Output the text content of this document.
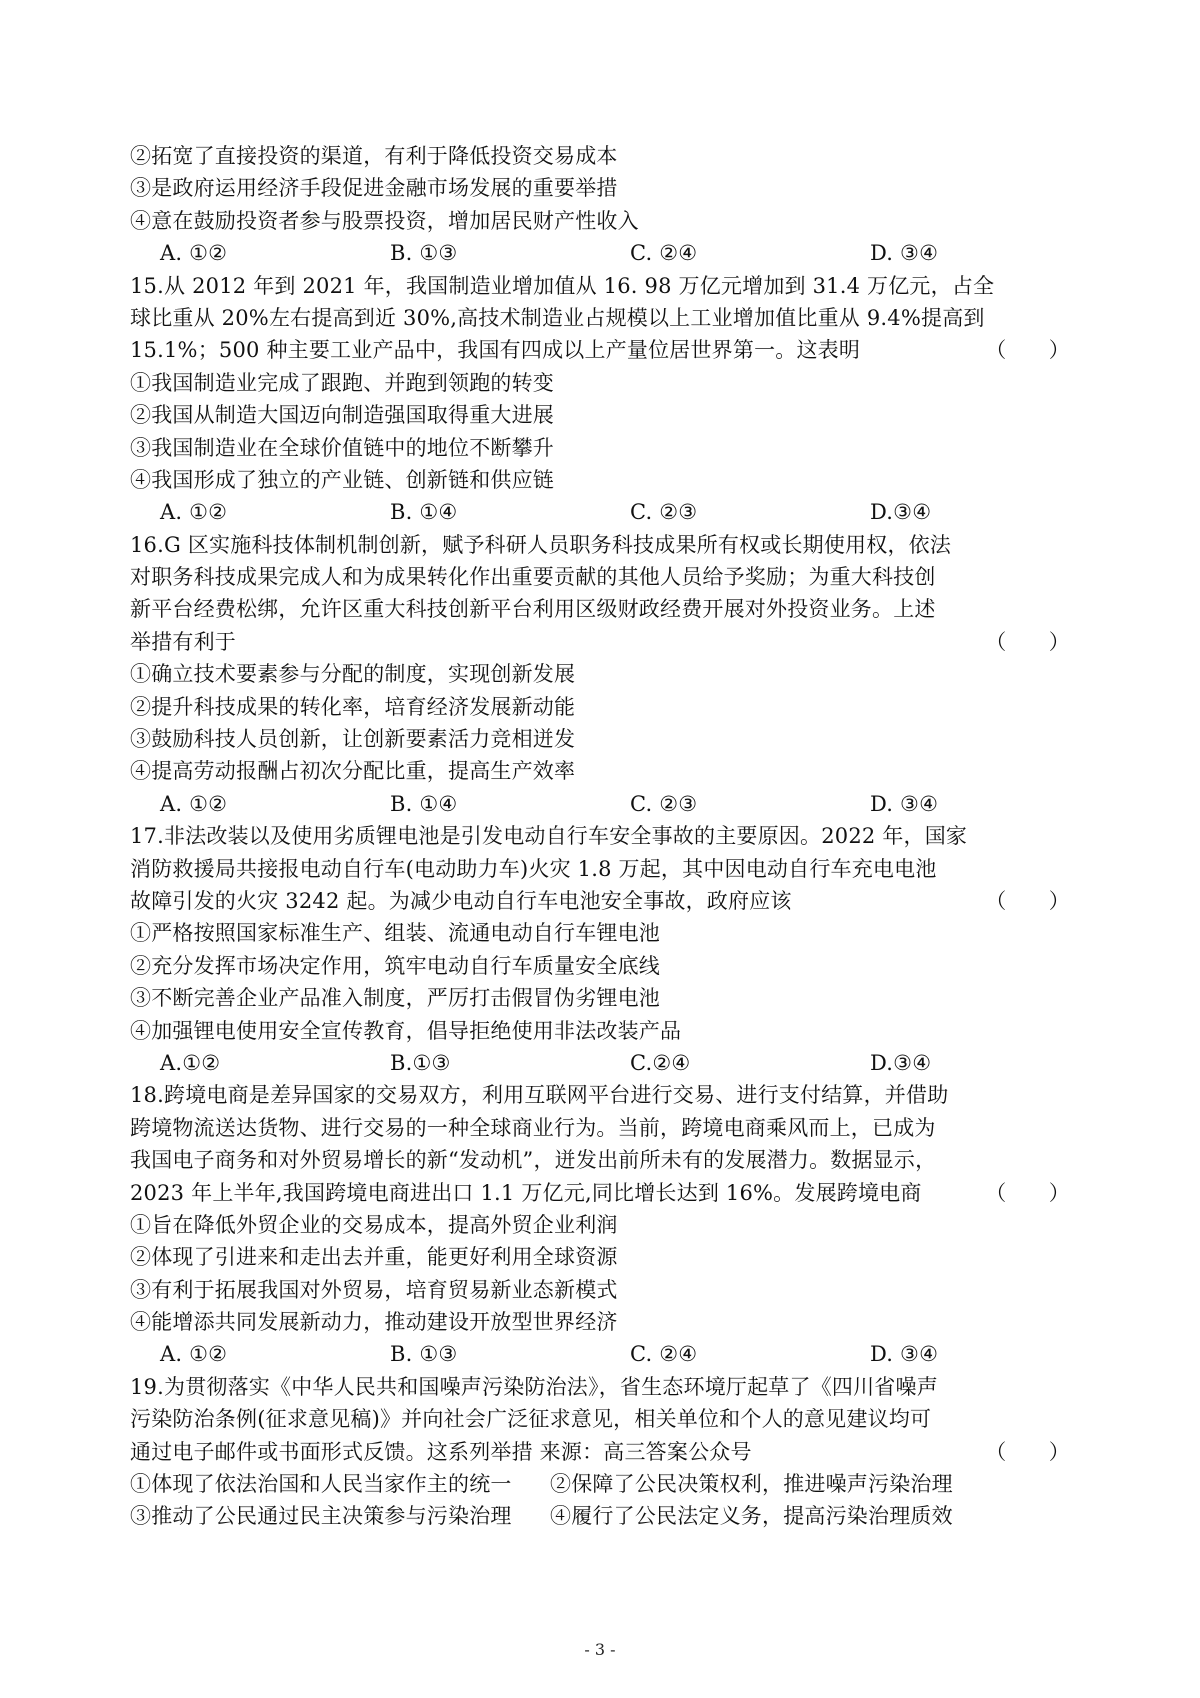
②拓宽了直接投资的渠道，有利于降低投资交易成本
③是政府运用经济手段促进金融市场发展的重要举措
④意在鼓励投资者参与股票投资，增加居民财产性收入
A. ①②	B. ①③	C. ②④	D. ③④
15.从 2012 年到 2021 年，我国制造业增加值从 16. 98 万亿元增加到 31.4 万亿元，占全
球比重从 20%左右提高到近 30%,高技术制造业占规模以上工业增加值比重从 9.4%提高到
15.1%；500 种主要工业产品中，我国有四成以上产量位居世界第一。这表明	（　　）
①我国制造业完成了跟跑、并跑到领跑的转变
②我国从制造大国迈向制造强国取得重大进展
③我国制造业在全球价值链中的地位不断攀升
④我国形成了独立的产业链、创新链和供应链
A. ①②	B. ①④	C. ②③	D.③④
16.G 区实施科技体制机制创新，赋予科研人员职务科技成果所有权或长期使用权，依法
对职务科技成果完成人和为成果转化作出重要贡献的其他人员给予奖励；为重大科技创
新平台经费松绑，允许区重大科技创新平台利用区级财政经费开展对外投资业务。上述
举措有利于	（　　）
①确立技术要素参与分配的制度，实现创新发展
②提升科技成果的转化率，培育经济发展新动能
③鼓励科技人员创新，让创新要素活力竞相迸发
④提高劳动报酬占初次分配比重，提高生产效率
A. ①②	B. ①④	C. ②③	D. ③④
17.非法改装以及使用劣质锂电池是引发电动自行车安全事故的主要原因。2022 年，国家
消防救援局共接报电动自行车(电动助力车)火灾 1.8 万起，其中因电动自行车充电电池
故障引发的火灾 3242 起。为减少电动自行车电池安全事故，政府应该	（　　）
①严格按照国家标准生产、组装、流通电动自行车锂电池
②充分发挥市场决定作用，筑牢电动自行车质量安全底线
③不断完善企业产品准入制度，严厉打击假冒伪劣锂电池
④加强锂电使用安全宣传教育，倡导拒绝使用非法改装产品
A.①②	B.①③	C.②④	D.③④
18.跨境电商是差异国家的交易双方，利用互联网平台进行交易、进行支付结算，并借助
跨境物流送达货物、进行交易的一种全球商业行为。当前，跨境电商乘风而上，已成为
我国电子商务和对外贸易增长的新“发动机”，迸发出前所未有的发展潜力。数据显示，
2023 年上半年,我国跨境电商进出口 1.1 万亿元,同比增长达到 16%。发展跨境电商	（　　）
①旨在降低外贸企业的交易成本，提高外贸企业利润
②体现了引进来和走出去并重，能更好利用全球资源
③有利于拓展我国对外贸易，培育贸易新业态新模式
④能增添共同发展新动力，推动建设开放型世界经济
A. ①②	B. ①③	C. ②④	D. ③④
19.为贯彻落实《中华人民共和国噪声污染防治法》，省生态环境厅起草了《四川省噪声
污染防治条例(征求意见稿)》并向社会广泛征求意见，相关单位和个人的意见建议均可
通过电子邮件或书面形式反馈。这系列举措 来源：高三答案公众号	（　　）
①体现了依法治国和人民当家作主的统一	②保障了公民决策权利，推进噪声污染治理
③推动了公民通过民主决策参与污染治理	④履行了公民法定义务，提高污染治理质效
- 3 -
